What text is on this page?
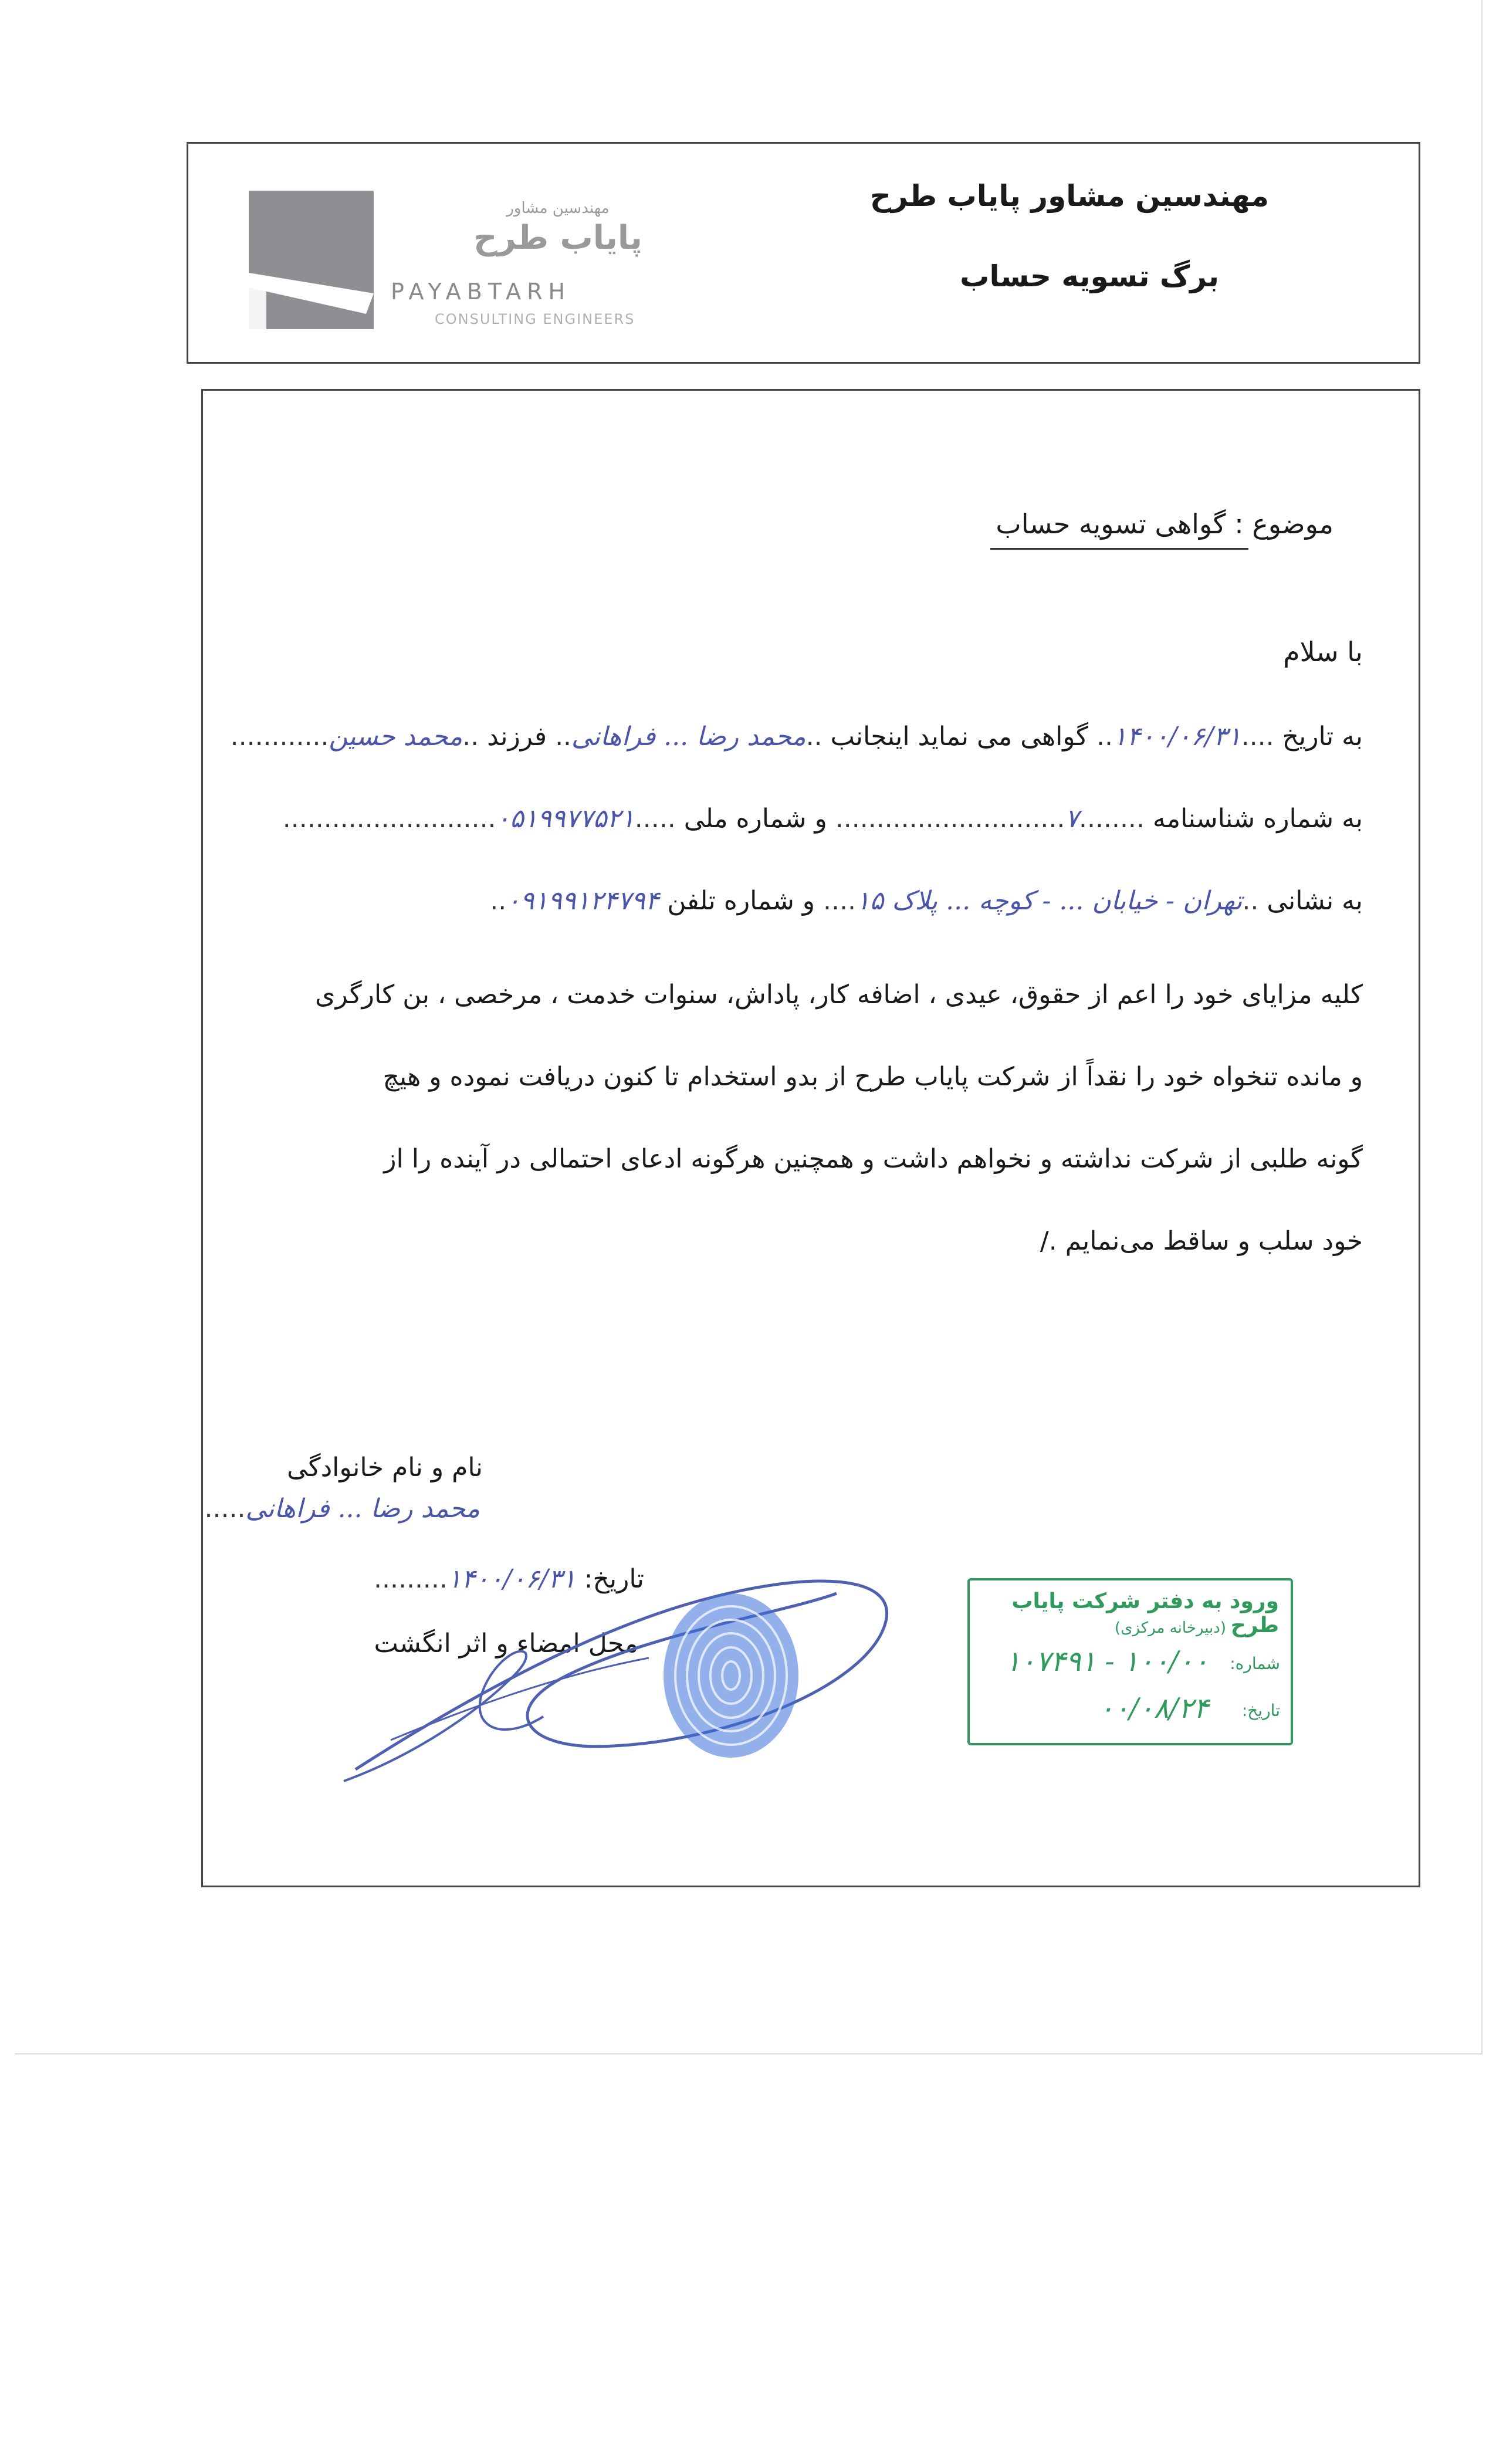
مهندسین مشاور پایاب طرح
برگ تسویه حساب
مهندسین مشاور
پایاب طرح
PAYABTARH
CONSULTING ENGINEERS
موضوع : گواهی تسویه حساب
با سلام
به تاریخ ....۱۴۰۰/۰۶/۳۱.. گواهی می نماید اینجانب ..محمد رضا ... فراهانی.. فرزند ..محمد حسین............
به شماره شناسنامه ........۷............................ و شماره ملی .....۰۵۱۹۹۷۷۵۲۱..........................
به نشانی ..تهران - خیابان ... - کوچه ... پلاک ۱۵.... و شماره تلفن ۰۹۱۹۹۱۲۴۷۹۴..
کلیه مزایای خود را اعم از حقوق، عیدی ، اضافه کار، پاداش، سنوات خدمت ، مرخصی ، بن کارگری
و مانده تنخواه خود را نقداً از شرکت پایاب طرح از بدو استخدام تا کنون دریافت نموده و هیچ
گونه طلبی از شرکت نداشته و نخواهم داشت و همچنین هرگونه ادعای احتمالی در آینده را از
خود سلب و ساقط می‌نمایم ./
نام و نام خانوادگی
محمد رضا ... فراهانی.....
تاریخ: ۱۴۰۰/۰۶/۳۱.........
محل امضاء و اثر انگشت
ورود به دفتر شرکت پایاب طرح
(دبیرخانه مرکزی)
شماره:
۱۰۰/۰۰ - ۱۰۷۴۹۱
تاریخ:
۰۰/۰۸/۲۴
